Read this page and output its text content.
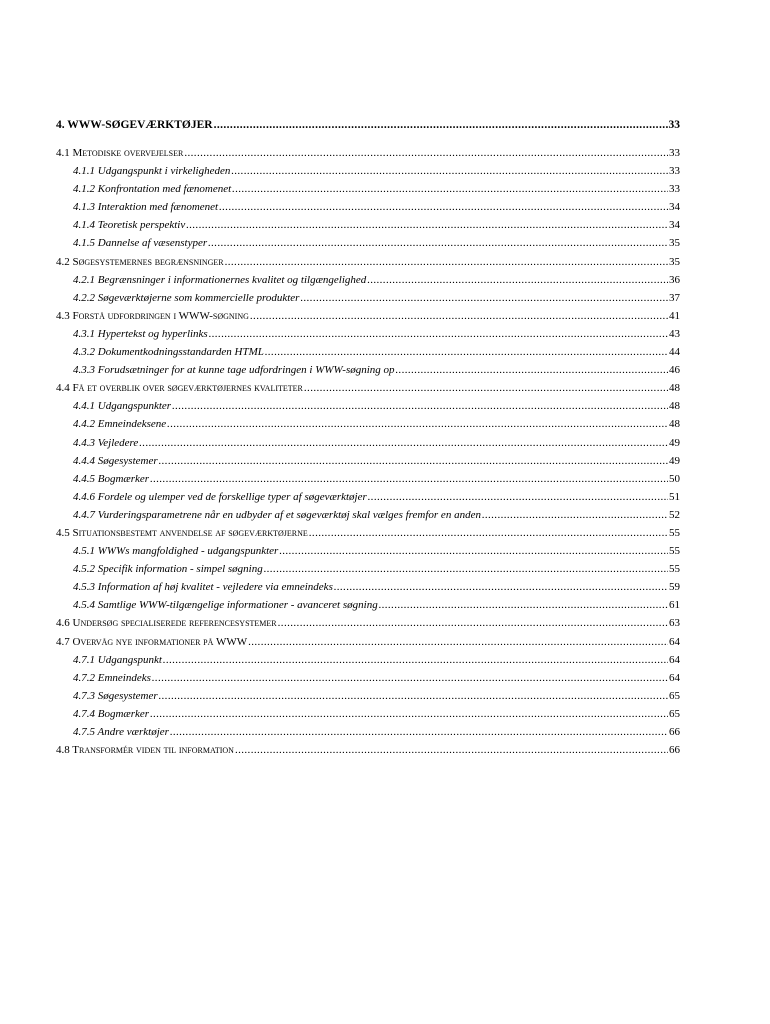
4. WWW-SØGEVÆRKTØJER .....	33
4.1 Metodiske overvejelser .....	33
4.1.1 Udgangspunkt i virkeligheden .....	33
4.1.2 Konfrontation med fænomenet .....	33
4.1.3 Interaktion med fænomenet .....	34
4.1.4 Teoretisk perspektiv .....	34
4.1.5 Dannelse af væsenstyper .....	35
4.2 Søgesystemernes begrænsninger .....	35
4.2.1 Begrænsninger i informationernes kvalitet og tilgængelighed .....	36
4.2.2 Søgeværktøjerne som kommercielle produkter .....	37
4.3 Forstå udfordringen i WWW-søgning .....	41
4.3.1 Hypertekst og hyperlinks .....	43
4.3.2 Dokumentkodningsstandarden HTML .....	44
4.3.3 Forudsætninger for at kunne tage udfordringen i WWW-søgning op .....	46
4.4 Få et overblik over søgeværktøjernes kvaliteter .....	48
4.4.1 Udgangspunkter .....	48
4.4.2 Emneindeksene .....	48
4.4.3 Vejledere .....	49
4.4.4 Søgesystemer .....	49
4.4.5 Bogmærker .....	50
4.4.6 Fordele og ulemper ved de forskellige typer af søgeværktøjer .....	51
4.4.7 Vurderingsparametrene når en udbyder af et søgeværktøj skal vælges fremfor en anden .....	52
4.5 Situationsbestemt anvendelse af søgeværktøjerne .....	55
4.5.1 WWWs mangfoldighed - udgangspunkter .....	55
4.5.2 Specifik information - simpel søgning .....	55
4.5.3 Information af høj kvalitet - vejledere via emneindeks .....	59
4.5.4 Samtlige WWW-tilgængelige informationer - avanceret søgning .....	61
4.6 Undersøg specialiserede referencesystemer .....	63
4.7 Overvåg nye informationer på WWW .....	64
4.7.1 Udgangspunkt .....	64
4.7.2 Emneindeks .....	64
4.7.3 Søgesystemer .....	65
4.7.4 Bogmærker .....	65
4.7.5 Andre værktøjer .....	66
4.8 Transformér viden til information .....	66
